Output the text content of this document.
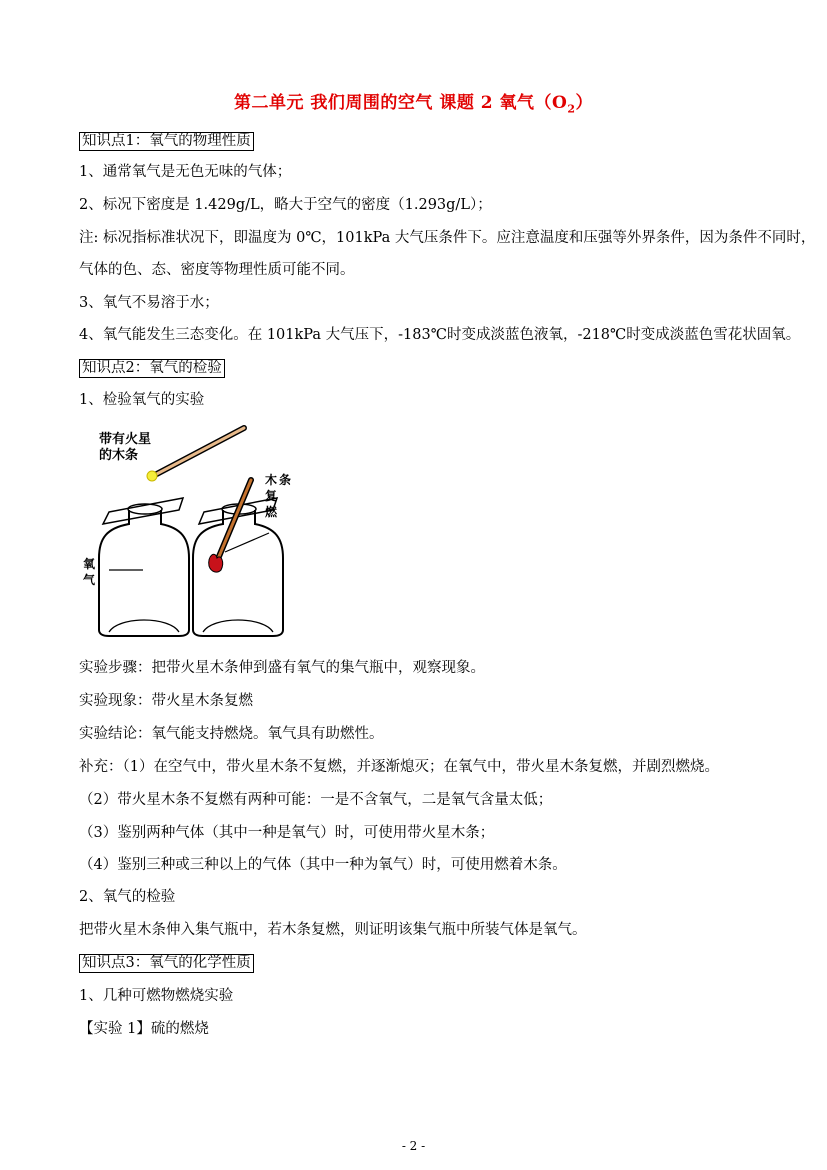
第二单元 我们周围的空气 课题 2 氧气$(O_2)$
知识点1：氧气的物理性质
1、通常氧气是无色无味的气体；
2、标况下密度是 1.429g/L，略大于空气的密度（1.293g/L）；
注: 标况指标准状况下，即温度为 0℃，101kPa 大气压条件下。应注意温度和压强等外界条件，因为条件不同时，
气体的色、态、密度等物理性质可能不同。
3、氧气不易溶于水；
4、氧气能发生三态变化。在 101kPa 大气压下，-183℃时变成淡蓝色液氧，-218℃时变成淡蓝色雪花状固氧。
知识点2：氧气的检验
1、检验氧气的实验
带有火星
的木条
氧
气
木 条
复
燃
实验步骤：把带火星木条伸到盛有氧气的集气瓶中，观察现象。
实验现象：带火星木条复燃
实验结论：氧气能支持燃烧。氧气具有助燃性。
补充：（1）在空气中，带火星木条不复燃，并逐渐熄灭；在氧气中，带火星木条复燃，并剧烈燃烧。
（2）带火星木条不复燃有两种可能：一是不含氧气，二是氧气含量太低；
（3）鉴别两种气体（其中一种是氧气）时，可使用带火星木条；
（4）鉴别三种或三种以上的气体（其中一种为氧气）时，可使用燃着木条。
2、氧气的检验
把带火星木条伸入集气瓶中，若木条复燃，则证明该集气瓶中所装气体是氧气。
知识点3：氧气的化学性质
1、几种可燃物燃烧实验
【实验 1】硫的燃烧
- 2 -
